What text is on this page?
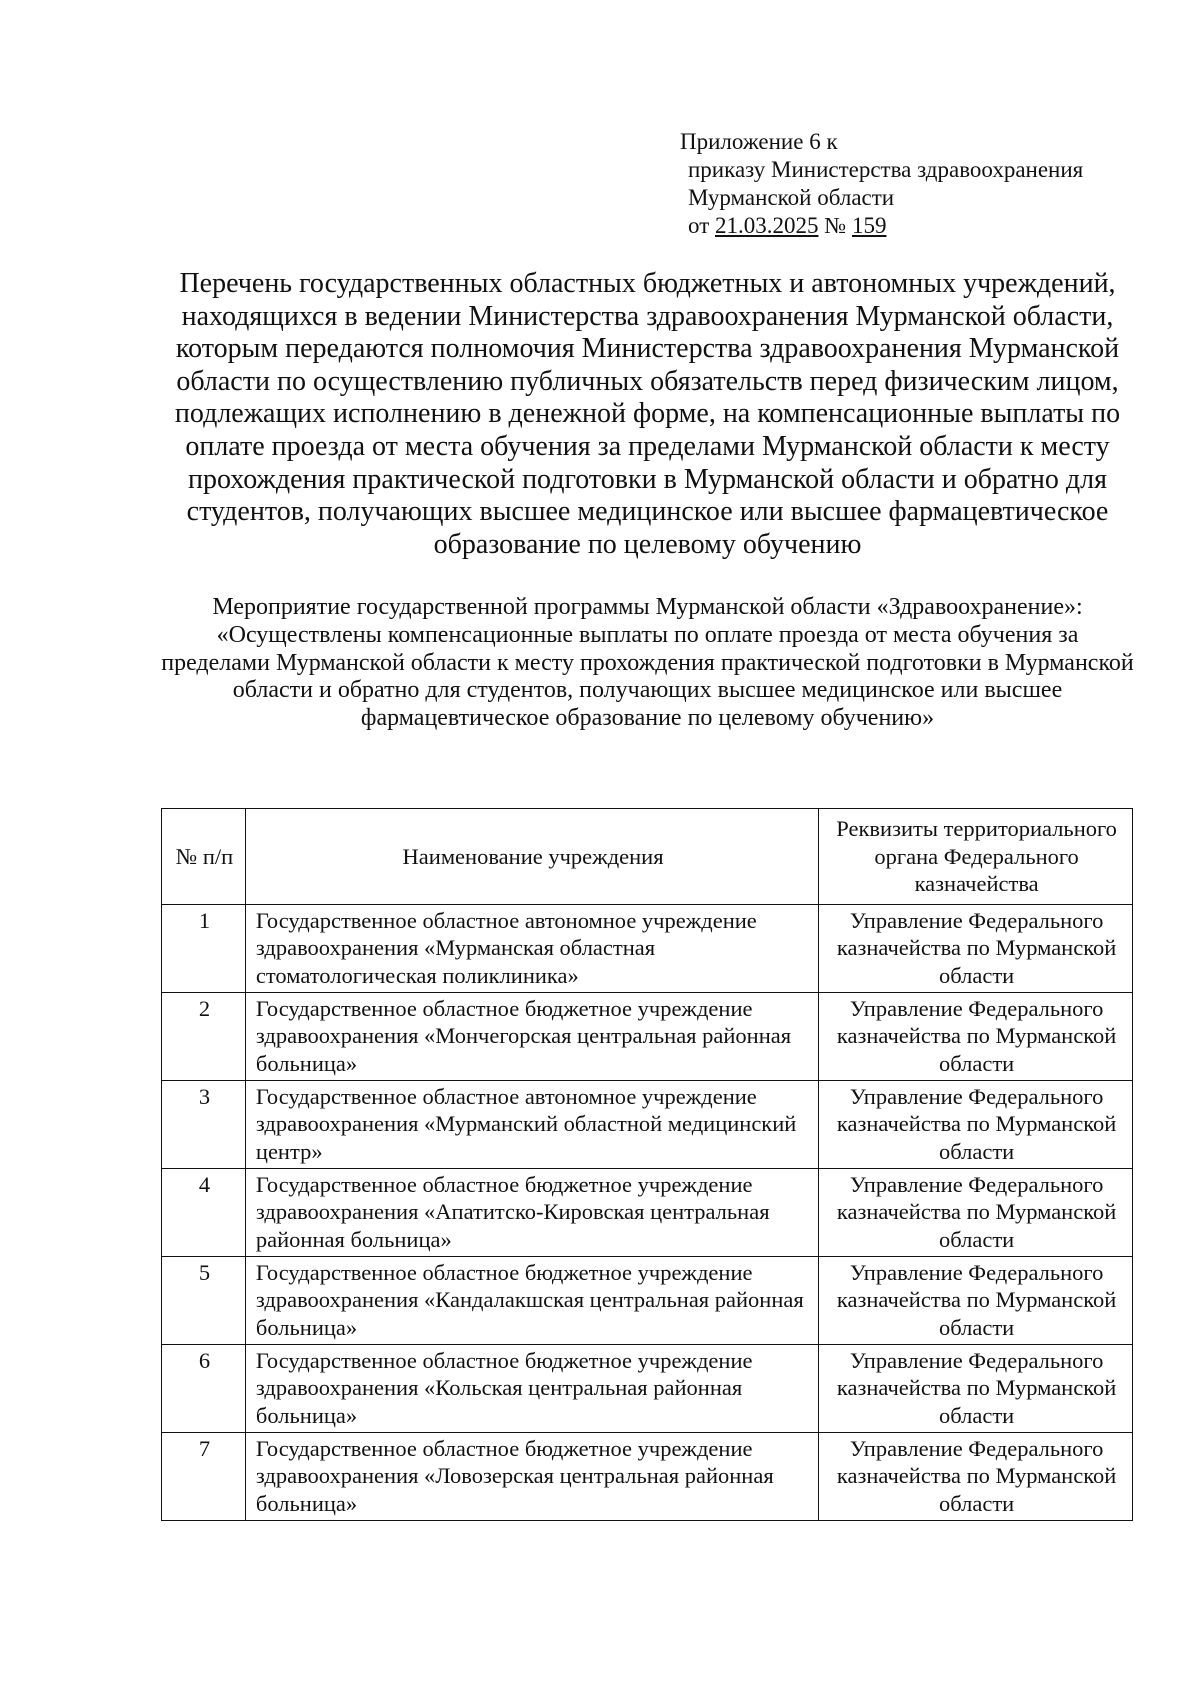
Приложение 6 к
приказу Министерства здравоохранения
Мурманской области
от 21.03.2025 № 159
Перечень государственных областных бюджетных и автономных учреждений, находящихся в ведении Министерства здравоохранения Мурманской области, которым передаются полномочия Министерства здравоохранения Мурманской области по осуществлению публичных обязательств перед физическим лицом, подлежащих исполнению в денежной форме, на компенсационные выплаты по оплате проезда от места обучения за пределами Мурманской области к месту прохождения практической подготовки в Мурманской области и обратно для студентов, получающих высшее медицинское или высшее фармацевтическое образование по целевому обучению
Мероприятие государственной программы Мурманской области «Здравоохранение»: «Осуществлены компенсационные выплаты по оплате проезда от места обучения за пределами Мурманской области к месту прохождения практической подготовки в Мурманской области и обратно для студентов, получающих высшее медицинское или высшее фармацевтическое образование по целевому обучению»
№ п/п	Наименование учреждения	Реквизиты территориального органа Федерального казначейства
1	Государственное областное автономное учреждение здравоохранения «Мурманская областная стоматологическая поликлиника»	Управление Федерального казначейства по Мурманской области
2	Государственное областное бюджетное учреждение здравоохранения «Мончегорская центральная районная больница»	Управление Федерального казначейства по Мурманской области
3	Государственное областное автономное учреждение здравоохранения «Мурманский областной медицинский центр»	Управление Федерального казначейства по Мурманской области
4	Государственное областное бюджетное учреждение здравоохранения «Апатитско-Кировская центральная районная больница»	Управление Федерального казначейства по Мурманской области
5	Государственное областное бюджетное учреждение здравоохранения «Кандалакшская центральная районная больница»	Управление Федерального казначейства по Мурманской области
6	Государственное областное бюджетное учреждение здравоохранения «Кольская центральная районная больница»	Управление Федерального казначейства по Мурманской области
7	Государственное областное бюджетное учреждение здравоохранения «Ловозерская центральная районная больница»	Управление Федерального казначейства по Мурманской области
